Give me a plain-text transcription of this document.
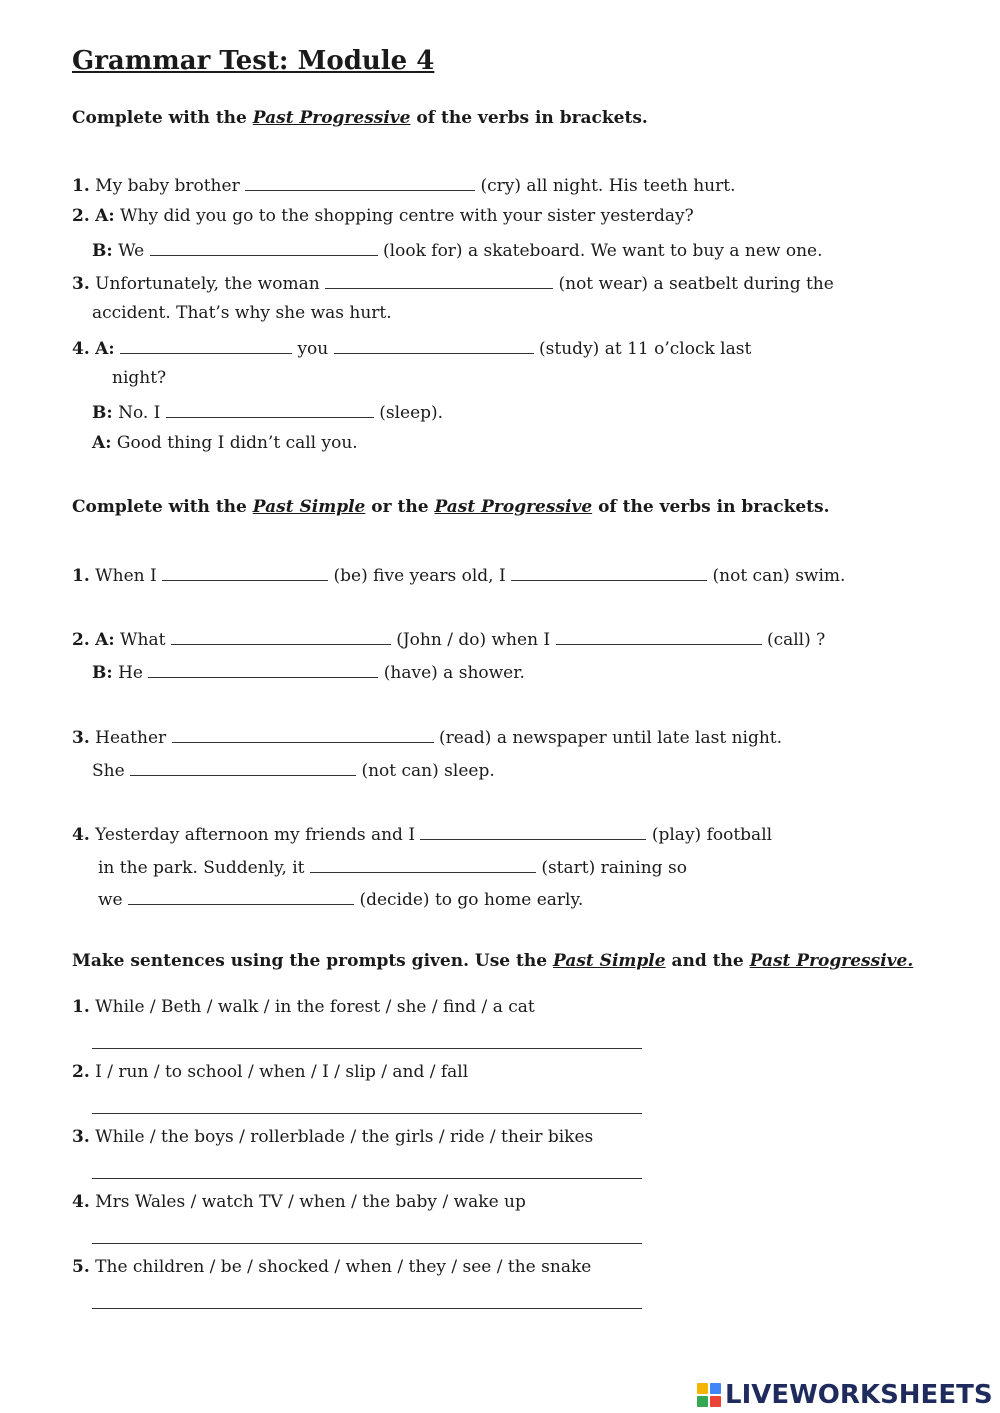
Grammar Test: Module 4
Complete with the Past Progressive of the verbs in brackets.
1. My baby brother	(cry) all night. His teeth hurt.
2. A: Why did you go to the shopping centre with your sister yesterday?
B: We	(look for) a skateboard. We want to buy a new one.
3. Unfortunately, the woman	(not wear) a seatbelt during the
accident. That’s why she was hurt.
4. A:	you	(study) at 11 o’clock last
night?
B: No. I	(sleep).
A: Good thing I didn’t call you.
Complete with the Past Simple or the Past Progressive of the verbs in brackets.
1. When I	(be) five years old, I	(not can) swim.
2. A: What	(John / do) when I	(call) ?
B: He	(have) a shower.
3. Heather	(read) a newspaper until late last night.
She	(not can) sleep.
4. Yesterday afternoon my friends and I	(play) football
in the park. Suddenly, it	(start) raining so
we	(decide) to go home early.
Make sentences using the prompts given. Use the Past Simple and the Past Progressive.
1. While / Beth / walk / in the forest / she / find / a cat
2. I / run / to school / when / I / slip / and / fall
3. While / the boys / rollerblade / the girls / ride / their bikes
4. Mrs Wales / watch TV / when / the baby / wake up
5. The children / be / shocked / when / they / see / the snake
LIVEWORKSHEETS
